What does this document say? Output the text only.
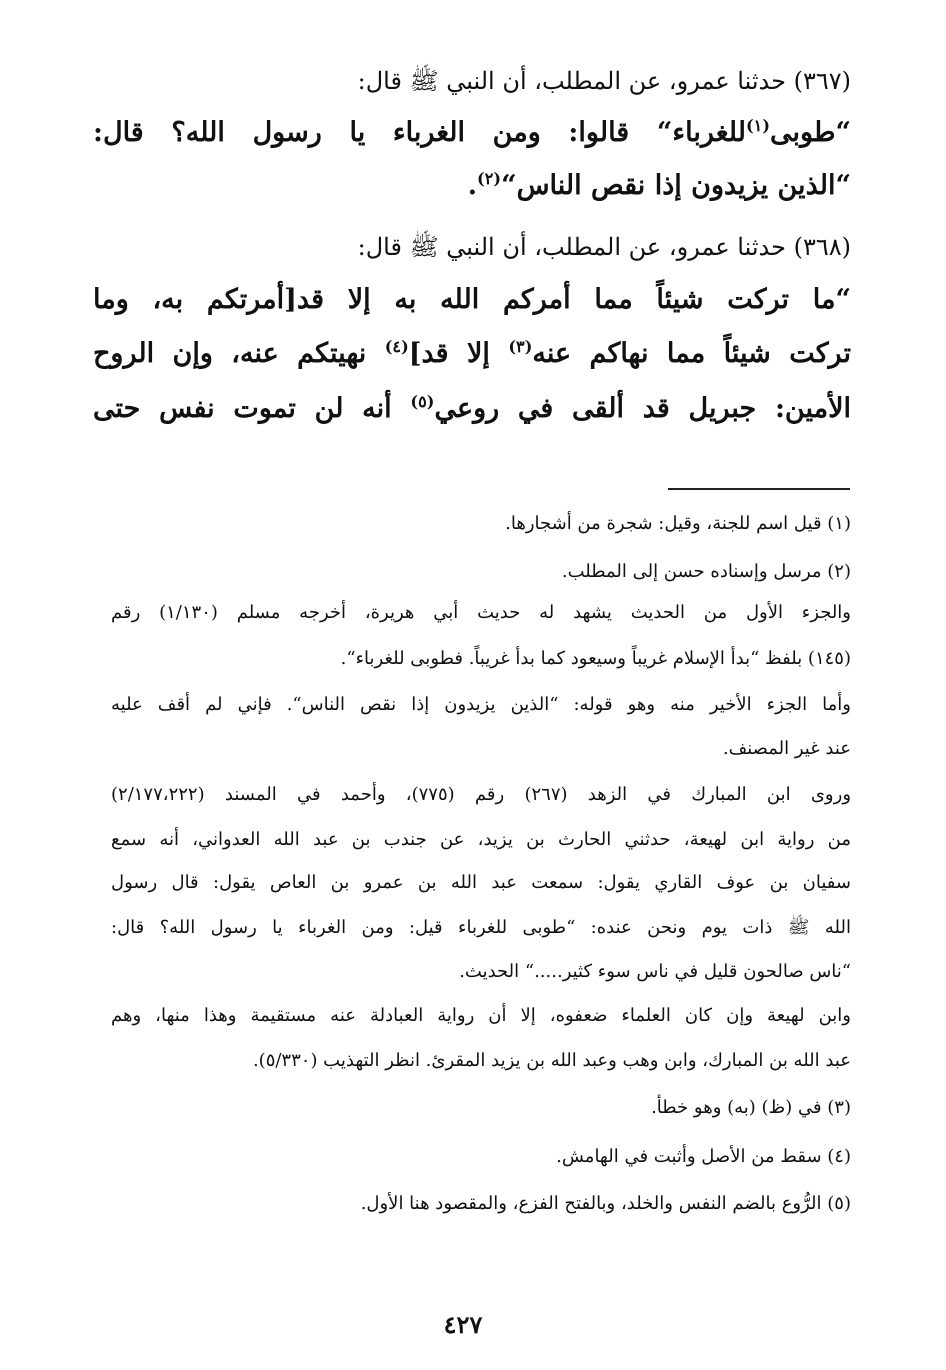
(٣٦٧) حدثنا عمرو، عن المطلب، أن النبي ﷺ قال:
“طوبى$^{(١)}$للغرباء“ قالوا: ومن الغرباء يا رسول الله؟ قال:
“الذين يزيدون إذا نقص الناس“$^{(٢)}$.
(٣٦٨) حدثنا عمرو، عن المطلب، أن النبي ﷺ قال:
“ما تركت شيئاً مما أمركم الله به إلا قد[أمرتكم به، وما
تركت شيئاً مما نهاكم عنه$^{(٣)}$ إلا قد]$^{(٤)}$ نهيتكم عنه، وإن الروح
الأمين: جبريل قد ألقى في روعي$^{(٥)}$ أنه لن تموت نفس حتى
(١) قيل اسم للجنة، وقيل: شجرة من أشجارها.
(٢) مرسل وإسناده حسن إلى المطلب.
والجزء الأول من الحديث يشهد له حديث أبي هريرة، أخرجه مسلم (١/١٣٠) رقم
(١٤٥) بلفظ “بدأ الإسلام غريباً وسيعود كما بدأ غريباً. فطوبى للغرباء“.
وأما الجزء الأخير منه وهو قوله: “الذين يزيدون إذا نقص الناس“. فإني لم أقف عليه
عند غير المصنف.
وروى ابن المبارك في الزهد (٢٦٧) رقم (٧٧٥)، وأحمد في المسند (٢/١٧٧،٢٢٢)
من رواية ابن لهيعة، حدثني الحارث بن يزيد، عن جندب بن عبد الله العدواني، أنه سمع
سفيان بن عوف القاري يقول: سمعت عبد الله بن عمرو بن العاص يقول: قال رسول
الله ﷺ ذات يوم ونحن عنده: “طوبى للغرباء قيل: ومن الغرباء يا رسول الله؟ قال:
“ناس صالحون قليل في ناس سوء كثير.....“ الحديث.
وابن لهيعة وإن كان العلماء ضعفوه، إلا أن رواية العبادلة عنه مستقيمة وهذا منها، وهم
عبد الله بن المبارك، وابن وهب وعبد الله بن يزيد المقرئ. انظر التهذيب (٥/٣٣٠).
(٣) في (ظ) (به) وهو خطأ.
(٤) سقط من الأصل وأثبت في الهامش.
(٥) الرُّوع بالضم النفس والخلد، وبالفتح الفزع، والمقصود هنا الأول.
٤٢٧
